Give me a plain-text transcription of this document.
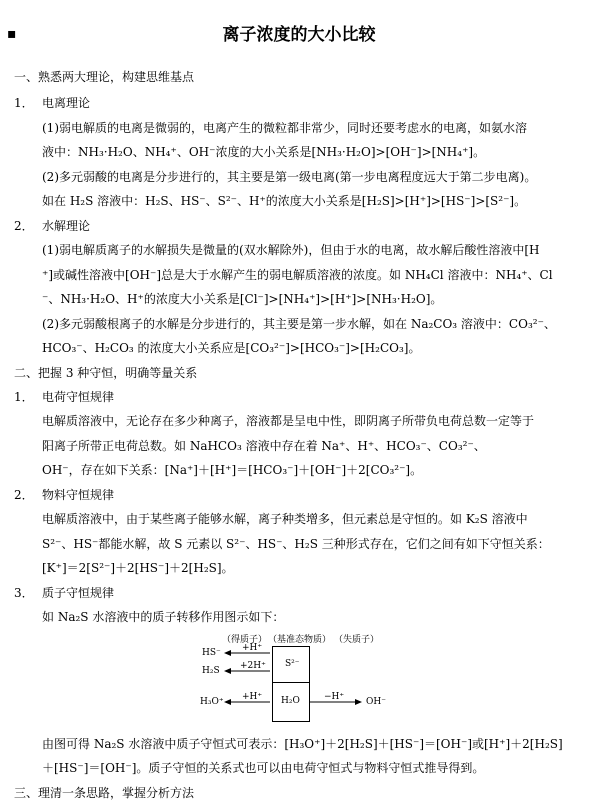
▪	离子浓度的大小比较
一、熟悉两大理论，构建思维基点
1． 电离理论
(1)弱电解质的电离是微弱的，电离产生的微粒都非常少，同时还要考虑水的电离，如氨水溶
液中：NH₃·H₂O、NH₄⁺、OH⁻浓度的大小关系是[NH₃·H₂O]>[OH⁻]>[NH₄⁺]。
(2)多元弱酸的电离是分步进行的，其主要是第一级电离(第一步电离程度远大于第二步电离)。
如在 H₂S 溶液中：H₂S、HS⁻、S²⁻、H⁺的浓度大小关系是[H₂S]>[H⁺]>[HS⁻]>[S²⁻]。
2． 水解理论
(1)弱电解质离子的水解损失是微量的(双水解除外)，但由于水的电离，故水解后酸性溶液中[H
⁺]或碱性溶液中[OH⁻]总是大于水解产生的弱电解质溶液的浓度。如 NH₄Cl 溶液中：NH₄⁺、Cl
⁻、NH₃·H₂O、H⁺的浓度大小关系是[Cl⁻]>[NH₄⁺]>[H⁺]>[NH₃·H₂O]。
(2)多元弱酸根离子的水解是分步进行的，其主要是第一步水解，如在 Na₂CO₃ 溶液中：CO₃²⁻、
HCO₃⁻、H₂CO₃ 的浓度大小关系应是[CO₃²⁻]>[HCO₃⁻]>[H₂CO₃]。
二、把握 3 种守恒，明确等量关系
1． 电荷守恒规律
电解质溶液中，无论存在多少种离子，溶液都是呈电中性，即阴离子所带负电荷总数一定等于
阳离子所带正电荷总数。如 NaHCO₃ 溶液中存在着 Na⁺、H⁺、HCO₃⁻、CO₃²⁻、
OH⁻，存在如下关系：[Na⁺]＋[H⁺]＝[HCO₃⁻]＋[OH⁻]＋2[CO₃²⁻]。
2． 物料守恒规律
电解质溶液中，由于某些离子能够水解，离子种类增多，但元素总是守恒的。如 K₂S 溶液中
S²⁻、HS⁻都能水解，故 S 元素以 S²⁻、HS⁻、H₂S 三种形式存在，它们之间有如下守恒关系：
[K⁺]＝2[S²⁻]＋2[HS⁻]＋2[H₂S]。
3． 质子守恒规律
如 Na₂S 水溶液中的质子转移作用图示如下：
由图可得 Na₂S 水溶液中质子守恒式可表示：[H₃O⁺]＋2[H₂S]＋[HS⁻]＝[OH⁻]或[H⁺]＋2[H₂S]
＋[HS⁻]＝[OH⁻]。质子守恒的关系式也可以由电荷守恒式与物料守恒式推导得到。
三、理清一条思路，掌握分析方法
（得质子） （基准态物质） （失质子）
HS⁻
H₂S
H₃O⁺
+H⁺
+2H⁺
+H⁺	−H⁺
S²⁻
H₂O	OH⁻
